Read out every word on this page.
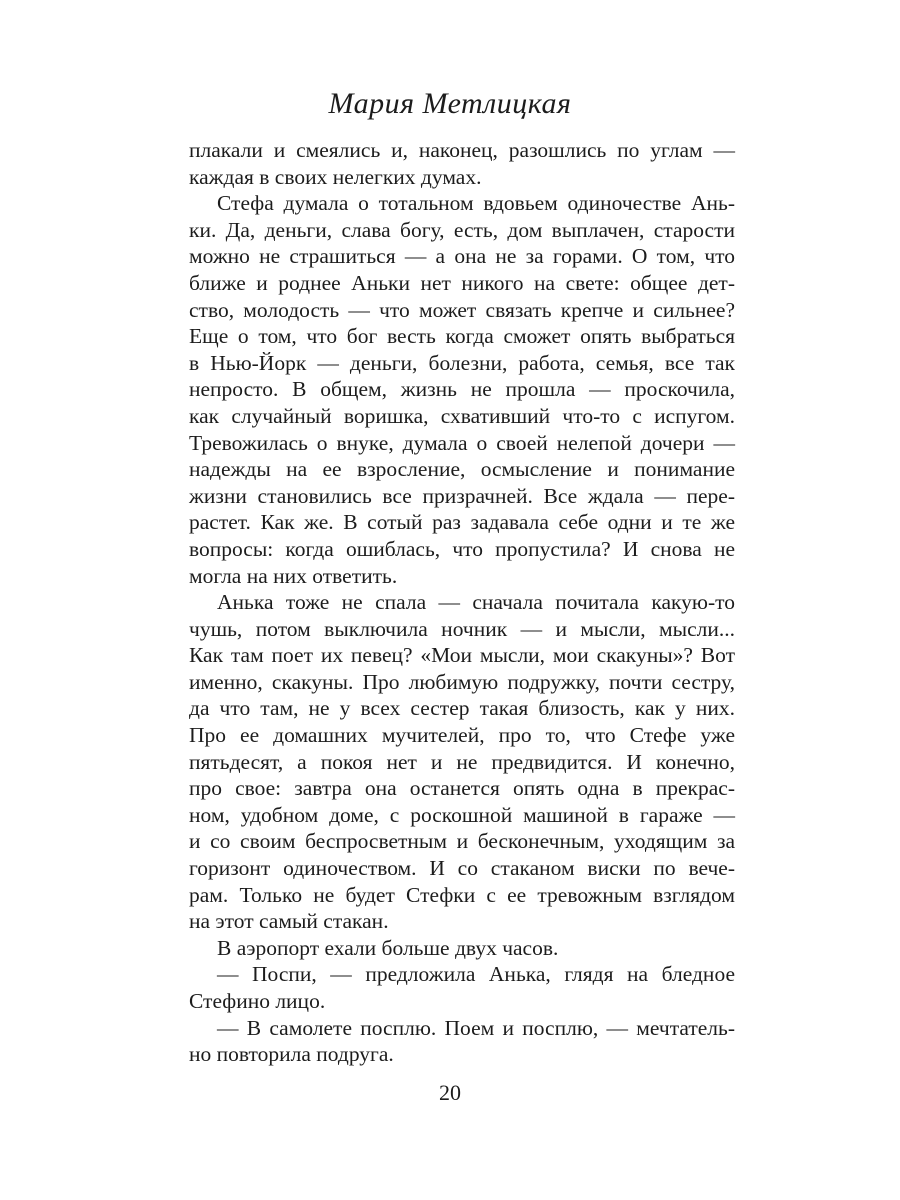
Мария Метлицкая
плакали и смеялись и, наконец, разошлись по углам —
каждая в своих нелегких думах.
Стефа думала о тотальном вдовьем одиночестве Ань-
ки. Да, деньги, слава богу, есть, дом выплачен, старости
можно не страшиться — а она не за горами. О том, что
ближе и роднее Аньки нет никого на свете: общее дет-
ство, молодость — что может связать крепче и сильнее?
Еще о том, что бог весть когда сможет опять выбраться
в Нью-Йорк — деньги, болезни, работа, семья, все так
непросто. В общем, жизнь не прошла — проскочила,
как случайный воришка, схвативший что-то с испугом.
Тревожилась о внуке, думала о своей нелепой дочери —
надежды на ее взросление, осмысление и понимание
жизни становились все призрачней. Все ждала — пере-
растет. Как же. В сотый раз задавала себе одни и те же
вопросы: когда ошиблась, что пропустила? И снова не
могла на них ответить.
Анька тоже не спала — сначала почитала какую-то
чушь, потом выключила ночник — и мысли, мысли...
Как там поет их певец? «Мои мысли, мои скакуны»? Вот
именно, скакуны. Про любимую подружку, почти сестру,
да что там, не у всех сестер такая близость, как у них.
Про ее домашних мучителей, про то, что Стефе уже
пятьдесят, а покоя нет и не предвидится. И конечно,
про свое: завтра она останется опять одна в прекрас-
ном, удобном доме, с роскошной машиной в гараже —
и со своим беспросветным и бесконечным, уходящим за
горизонт одиночеством. И со стаканом виски по вече-
рам. Только не будет Стефки с ее тревожным взглядом
на этот самый стакан.
В аэропорт ехали больше двух часов.
— Поспи, — предложила Анька, глядя на бледное
Стефино лицо.
— В самолете посплю. Поем и посплю, — мечтатель-
но повторила подруга.
20
